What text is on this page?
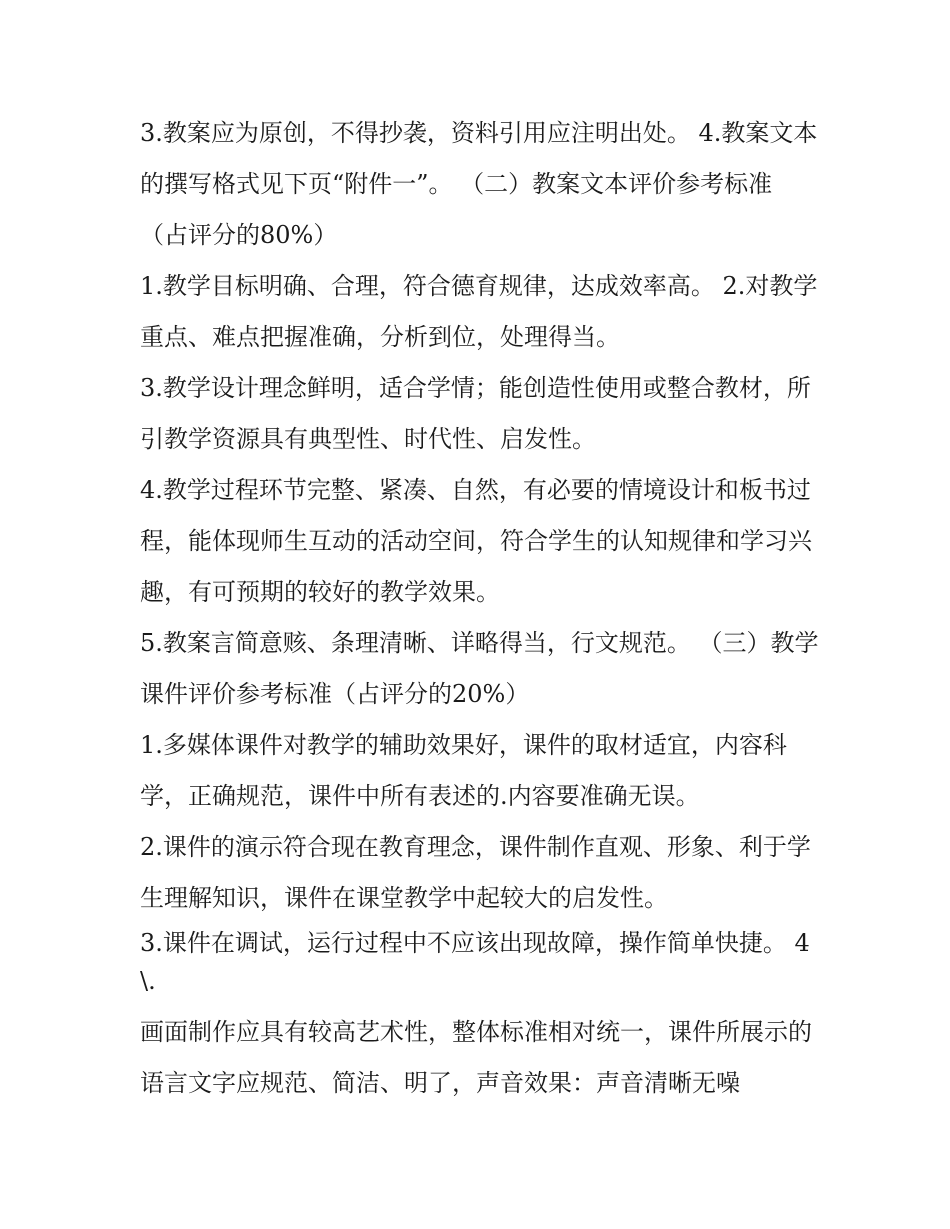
3.教案应为原创，不得抄袭，资料引用应注明出处。 4.教案文本的撰写格式见下页“附件一”。 （二）教案文本评价参考标准（占评分的80%）

1.教学目标明确、合理，符合德育规律，达成效率高。 2.对教学重点、难点把握准确，分析到位，处理得当。

3.教学设计理念鲜明，适合学情；能创造性使用或整合教材，所引教学资源具有典型性、时代性、启发性。

4.教学过程环节完整、紧凑、自然，有必要的情境设计和板书过程，能体现师生互动的活动空间，符合学生的认知规律和学习兴趣，有可预期的较好的教学效果。

5.教案言简意赅、条理清晰、详略得当，行文规范。 （三）教学课件评价参考标准（占评分的20%）

1.多媒体课件对教学的辅助效果好，课件的取材适宜，内容科学，正确规范，课件中所有表述的.内容要准确无误。

2.课件的演示符合现在教育理念，课件制作直观、形象、利于学生理解知识，课件在课堂教学中起较大的启发性。

3.课件在调试，运行过程中不应该出现故障，操作简单快捷。 4\.

画面制作应具有较高艺术性，整体标准相对统一，课件所展示的语言文字应规范、简洁、明了，声音效果：声音清晰无噪
